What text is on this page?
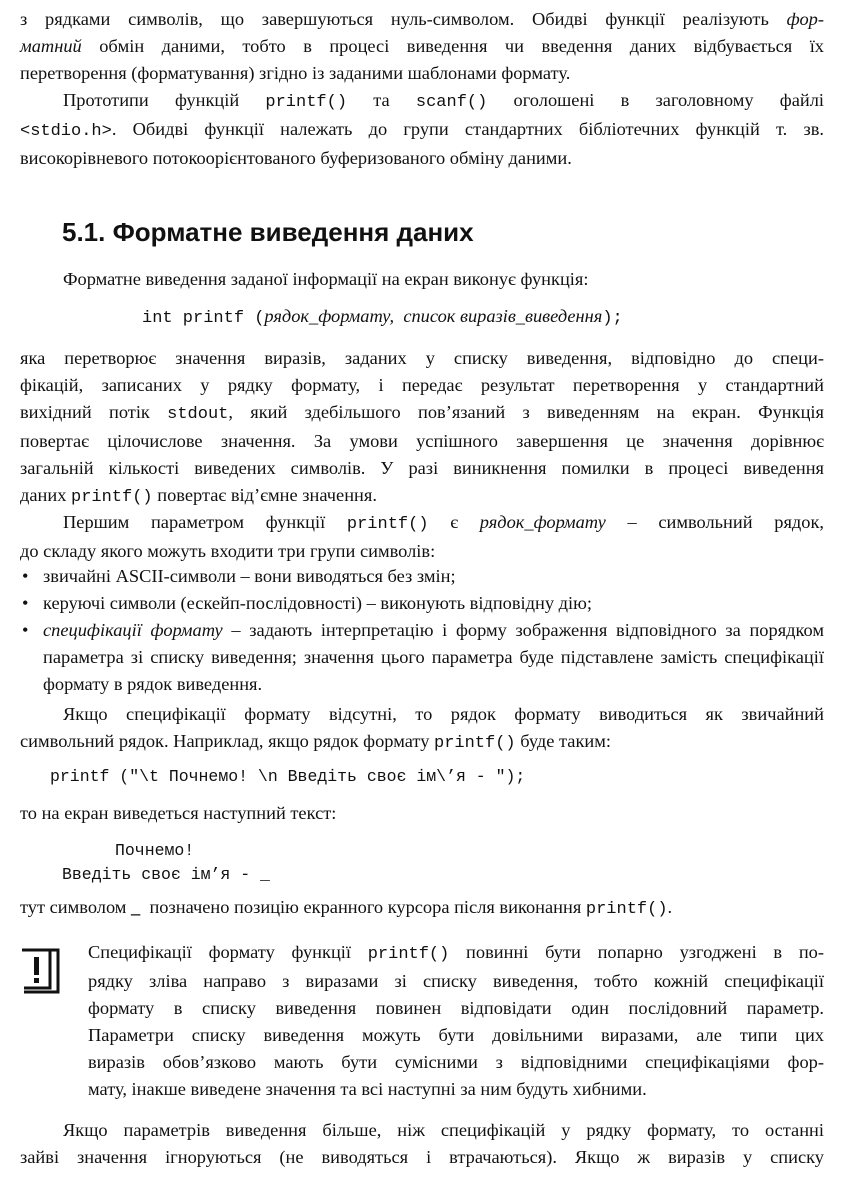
з рядками символів, що завершуються нуль-символом. Обидві функції реалізують фор-
матний обмін даними, тобто в процесі виведення чи введення даних відбувається їх
перетворення (форматування) згідно із заданими шаблонами формату.
Прототипи функцій printf() та scanf() оголошені в заголовному файлі
<stdio.h>. Обидві функції належать до групи стандартних бібліотечних функцій т. зв.
високорівневого потокоорієнтованого буферизованого обміну даними.
5.1. Форматне виведення даних
Форматне виведення заданої інформації на екран виконує функція:
int printf (рядок_формату, список виразів_виведення);
яка перетворює значення виразів, заданих у списку виведення, відповідно до специ-
фікацій, записаних у рядку формату, і передає результат перетворення у стандартний
вихідний потік stdout, який здебільшого пов’язаний з виведенням на екран. Функція
повертає цілочислове значення. За умови успішного завершення це значення дорівнює
загальній кількості виведених символів. У разі виникнення помилки в процесі виведення
даних printf() повертає від’ємне значення.
Першим параметром функції printf() є рядок_формату – символьний рядок,
до складу якого можуть входити три групи символів:
• звичайні ASCII-символи – вони виводяться без змін;
• керуючі символи (ескейп-послідовності) – виконують відповідну дію;
• специфікації формату – задають інтерпретацію і форму зображення відповідного за порядком параметра зі списку виведення; значення цього параметра буде підставлене замість специфікації формату в рядок виведення.
Якщо специфікації формату відсутні, то рядок формату виводиться як звичайний
символьний рядок. Наприклад, якщо рядок формату printf() буде таким:
printf ("\t Почнемо! \n Введіть своє ім\’я - ");
то на екран виведеться наступний текст:
Почнемо!
Введіть своє ім’я - _
тут символом _  позначено позицію екранного курсора після виконання printf().
Специфікації формату функції printf() повинні бути попарно узгоджені в по-
рядку зліва направо з виразами зі списку виведення, тобто кожній специфікації
формату в списку виведення повинен відповідати один послідовний параметр.
Параметри списку виведення можуть бути довільними виразами, але типи цих
виразів обов’язково мають бути сумісними з відповідними специфікаціями фор-
мату, інакше виведене значення та всі наступні за ним будуть хибними.
Якщо параметрів виведення більше, ніж специфікацій у рядку формату, то останні
зайві значення ігноруються (не виводяться і втрачаються). Якщо ж виразів у списку
